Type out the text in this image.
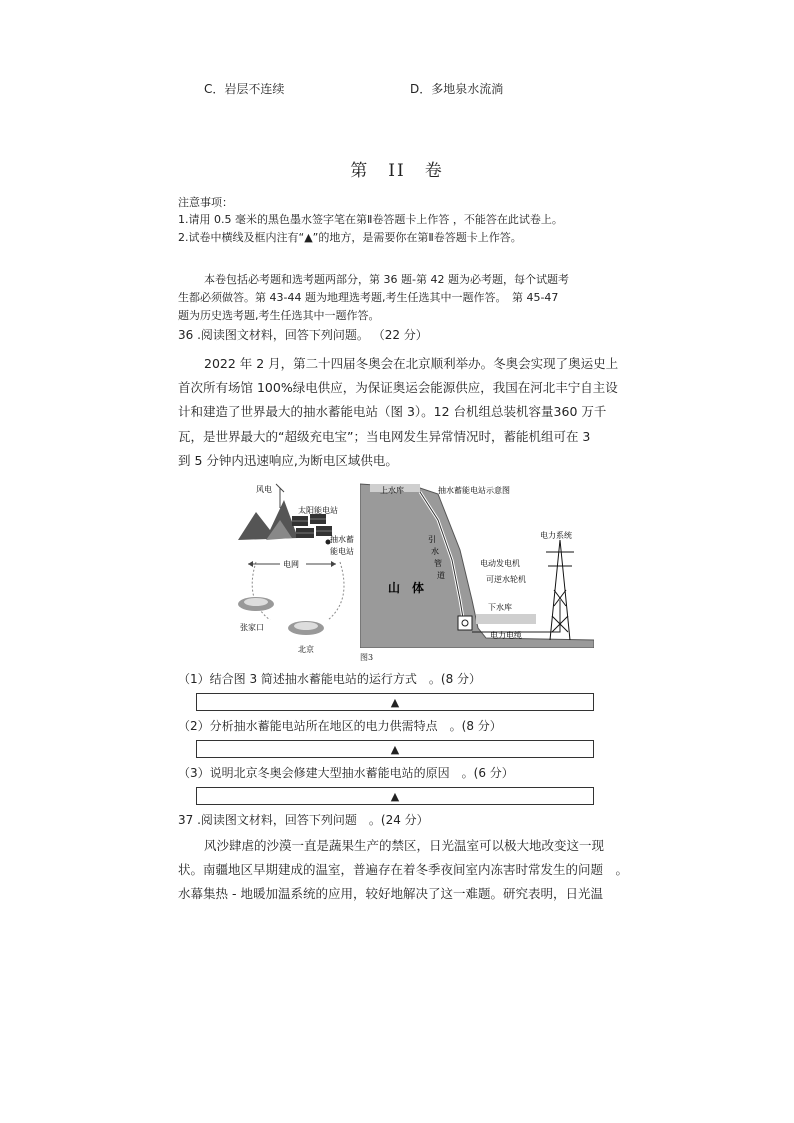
C．岩层不连续	D．多地泉水流淌
第　II　卷
注意事项：
1.请用 0.5 毫米的黑色墨水签字笔在第Ⅱ卷答题卡上作答 ，不能答在此试卷上。
2.试卷中横线及框内注有“▲”的地方，是需要你在第Ⅱ卷答题卡上作答。
本卷包括必考题和选考题两部分，第 36 题-第 42 题为必考题，每个试题考
生都必须做答。第 43-44 题为地理选考题,考生任选其中一题作答。　第 45-47
题为历史选考题,考生任选其中一题作答。
36 .阅读图文材料，回答下列问题。 （22 分）
2022 年 2 月，第二十四届冬奥会在北京顺利举办。冬奥会实现了奥运史上
首次所有场馆 100%绿电供应，为保证奥运会能源供应，我国在河北丰宁自主设
计和建造了世界最大的抽水蓄能电站（图 3）。12 台机组总装机容量360 万千
瓦，是世界最大的“超级充电宝”；当电网发生异常情况时，蓄能机组可在 3
到 5 分钟内迅速响应,为断电区域供电。
风电
太阳能电站
抽水蓄
能电站
电网
张家口
北京
上水库	抽水蓄能电站示意图
引
水
管
道
山　体
电动发电机
可逆水轮机
下水库
电力电缆
电力系统
图3
（1）结合图 3 简述抽水蓄能电站的运行方式　。(8 分）
▲
（2）分析抽水蓄能电站所在地区的电力供需特点　。(8 分）
▲
（3）说明北京冬奥会修建大型抽水蓄能电站的原因　。(6 分）
▲
37 .阅读图文材料，回答下列问题　。(24 分）
风沙肆虐的沙漠一直是蔬果生产的禁区，日光温室可以极大地改变这一现
状。南疆地区早期建成的温室，普遍存在着冬季夜间室内冻害时常发生的问题　。
水幕集热 - 地暖加温系统的应用，较好地解决了这一难题。研究表明，日光温
